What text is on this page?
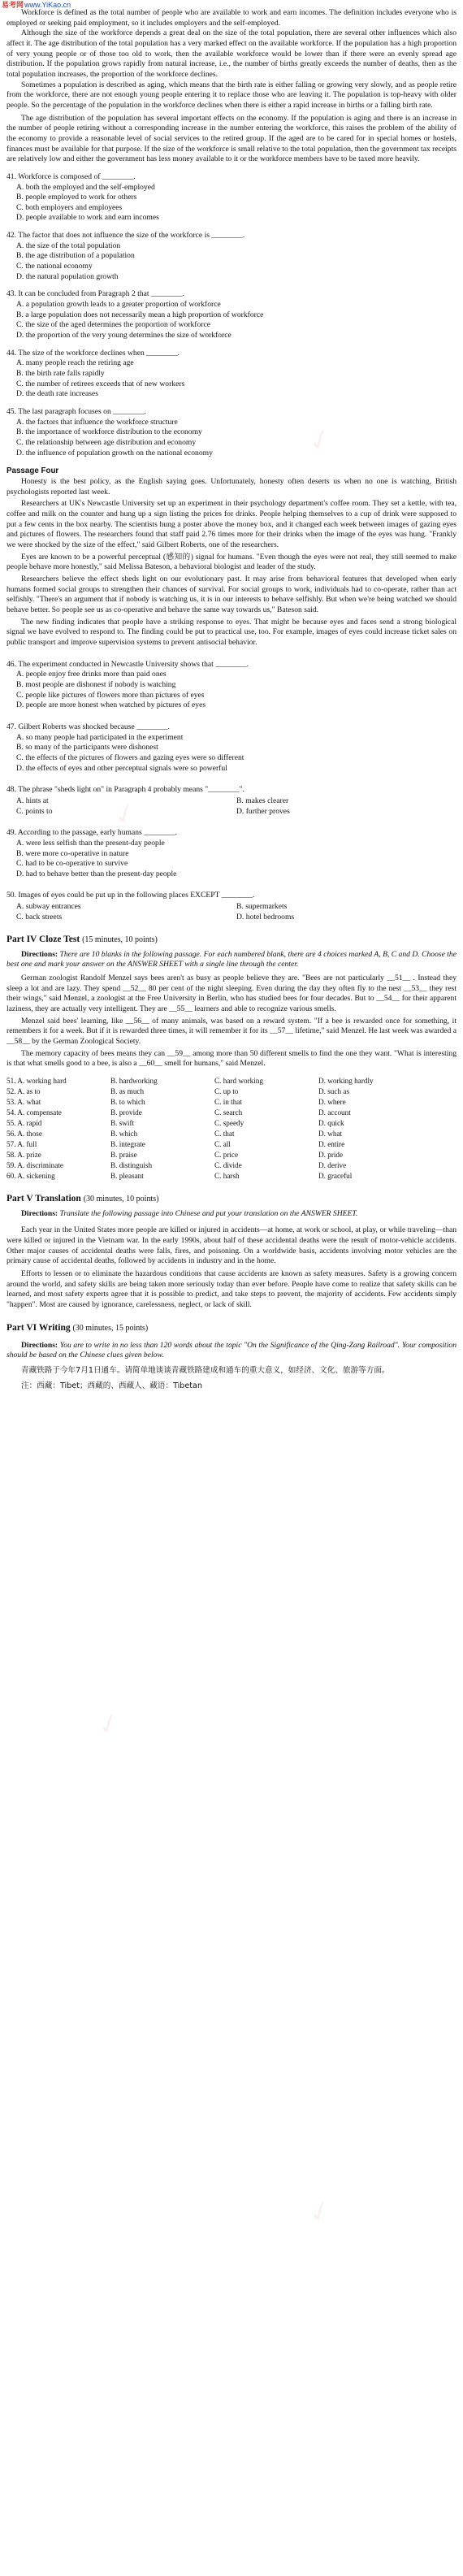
易考网 www.YiKao.cn
✓
✓
✓
✓
✓
✓

Workforce is defined as the total number of people who are available to work and earn incomes. The definition includes everyone who is employed or seeking paid employment, so it includes employers and the self-employed.

Although the size of the workforce depends a great deal on the size of the total population, there are several other influences which also affect it. The age distribution of the total population has a very marked effect on the available workforce. If the population has a high proportion of very young people or of those too old to work, then the available workforce would be lower than if there were an evenly spread age distribution. If the population grows rapidly from natural increase, i.e., the number of births greatly exceeds the number of deaths, then as the total population increases, the proportion of the workforce declines.

Sometimes a population is described as aging, which means that the birth rate is either falling or growing very slowly, and as people retire from the workforce, there are not enough young people entering it to replace those who are leaving it. The population is top-heavy with older people. So the percentage of the population in the workforce declines when there is either a rapid increase in births or a falling birth rate.

The age distribution of the population has several important effects on the economy. If the population is aging and there is an increase in the number of people retiring without a corresponding increase in the number entering the workforce, this raises the problem of the ability of the economy to provide a reasonable level of social services to the retired group. If the aged are to be cared for in special homes or hostels, finances must be available for that purpose. If the size of the workforce is small relative to the total population, then the government tax receipts are relatively low and either the government has less money available to it or the workforce members have to be taxed more heavily.

41. Workforce is composed of ________.

A. both the employed and the self-employed

B. people employed to work for others

C. both employers and employees

D. people available to work and earn incomes

42. The factor that does not influence the size of the workforce is ________.

A. the size of the total population

B. the age distribution of a population

C. the national economy

D. the natural population growth

43. It can be concluded from Paragraph 2 that ________.

A. a population growth leads to a greater proportion of workforce

B. a large population does not necessarily mean a high proportion of workforce

C. the size of the aged determines the proportion of workforce

D. the proportion of the very young determines the size of workforce

44. The size of the workforce declines when ________.

A. many people reach the retiring age

B. the birth rate falls rapidly

C. the number of retirees exceeds that of new workers

D. the death rate increases

45. The last paragraph focuses on ________.

A. the factors that influence the workforce structure

B. the importance of workforce distribution to the economy

C. the relationship between age distribution and economy

D. the influence of population growth on the national economy

Passage Four

Honesty is the best policy, as the English saying goes. Unfortunately, honesty often deserts us when no one is watching, British psychologists reported last week.

Researchers at UK's Newcastle University set up an experiment in their psychology department's coffee room. They set a kettle, with tea, coffee and milk on the counter and hung up a sign listing the prices for drinks. People helping themselves to a cup of drink were supposed to put a few cents in the box nearby. The scientists hung a poster above the money box, and it changed each week between images of gazing eyes and pictures of flowers. The researchers found that staff paid 2.76 times more for their drinks when the image of the eyes was hung. "Frankly we were shocked by the size of the effect," said Gilbert Roberts, one of the researchers.

Eyes are known to be a powerful perceptual (感知的) signal for humans. "Even though the eyes were not real, they still seemed to make people behave more honestly," said Melissa Bateson, a behavioral biologist and leader of the study.

Researchers believe the effect sheds light on our evolutionary past. It may arise from behavioral features that developed when early humans formed social groups to strengthen their chances of survival. For social groups to work, individuals had to co-operate, rather than act selfishly. "There's an argument that if nobody is watching us, it is in our interests to behave selfishly. But when we're being watched we should behave better. So people see us as co-operative and behave the same way towards us," Bateson said.

The new finding indicates that people have a striking response to eyes. That might be because eyes and faces send a strong biological signal we have evolved to respond to. The finding could be put to practical use, too. For example, images of eyes could increase ticket sales on public transport and improve supervision systems to prevent antisocial behavior.

46. The experiment conducted in Newcastle University shows that ________.

A. people enjoy free drinks more than paid ones

B. most people are dishonest if nobody is watching

C. people like pictures of flowers more than pictures of eyes

D. people are more honest when watched by pictures of eyes

47. Gilbert Roberts was shocked because ________.

A. so many people had participated in the experiment

B. so many of the participants were dishonest

C. the effects of the pictures of flowers and gazing eyes were so different

D. the effects of eyes and other perceptual signals were so powerful

48. The phrase "sheds light on" in Paragraph 4 probably means "________".

A. hints at	B. makes clearer
C. points to	D. further proves

49. According to the passage, early humans ________.

A. were less selfish than the present-day people

B. were more co-operative in nature

C. had to be co-operative to survive

D. had to behave better than the present-day people

50. Images of eyes could be put up in the following places EXCEPT ________.

A. subway entrances	B. supermarkets
C. back streets	D. hotel bedrooms
Part IV Cloze Test (15 minutes, 10 points)

Directions: There are 10 blanks in the following passage. For each numbered blank, there are 4 choices marked A, B, C and D. Choose the best one and mark your answer on the ANSWER SHEET with a single line through the center.

German zoologist Randolf Menzel says bees aren't as busy as people believe they are. "Bees are not particularly __51__ . Instead they sleep a lot and are lazy. They spend __52__ 80 per cent of the night sleeping. Even during the day they often fly to the nest __53__ they rest their wings," said Menzel, a zoologist at the Free University in Berlin, who has studied bees for four decades. But to __54__ for their apparent laziness, they are actually very intelligent. They are __55__ learners and able to recognize various smells.

Menzel said bees' learning, like __56__ of many animals, was based on a reward system. "If a bee is rewarded once for something, it remembers it for a week. But if it is rewarded three times, it will remember it for its __57__ lifetime," said Menzel. He last week was awarded a __58__ by the German Zoological Society.

The memory capacity of bees means they can __59__ among more than 50 different smells to find the one they want. "What is interesting is that what smells good to a bee, is also a __60__ smell for humans," said Menzel.

51. A. working hard	B. hardworking	C. hard working	D. working hardly
52. A. as to	B. as much	C. up to	D. such as
53. A. what	B. to which	C. in that	D. where
54. A. compensate	B. provide	C. search	D. account
55. A. rapid	B. swift	C. speedy	D. quick
56. A. those	B. which	C. that	D. what
57. A. full	B. integrate	C. all	D. entire
58. A. prize	B. praise	C. price	D. pride
59. A. discriminate	B. distinguish	C. divide	D. derive
60. A. sickening	B. pleasant	C. harsh	D. graceful
Part V Translation (30 minutes, 10 points)

Directions: Translate the following passage into Chinese and put your translation on the ANSWER SHEET.

Each year in the United States more people are killed or injured in accidents—at home, at work or school, at play, or while traveling—than were killed or injured in the Vietnam war. In the early 1990s, about half of these accidental deaths were the result of motor-vehicle accidents. Other major causes of accidental deaths were falls, fires, and poisoning. On a worldwide basis, accidents involving motor vehicles are the primary cause of accidental deaths, followed by accidents in industry and in the home.

Efforts to lessen or to eliminate the hazardous conditions that cause accidents are known as safety measures. Safety is a growing concern around the world, and safety skills are being taken more seriously today than ever before. People have come to realize that safety skills can be learned, and most safety experts agree that it is possible to predict, and take steps to prevent, the majority of accidents. Few accidents simply "happen". Most are caused by ignorance, carelessness, neglect, or lack of skill.

Part VI Writing (30 minutes, 15 points)

Directions: You are to write in no less than 120 words about the topic "On the Significance of the Qing-Zang Railroad". Your composition should be based on the Chinese clues given below.

青藏铁路于今年7月1日通车。请简单地谈谈青藏铁路建成和通车的重大意义，如经济、文化、旅游等方面。

注：西藏：Tibet；西藏的、西藏人、藏语：Tibetan
